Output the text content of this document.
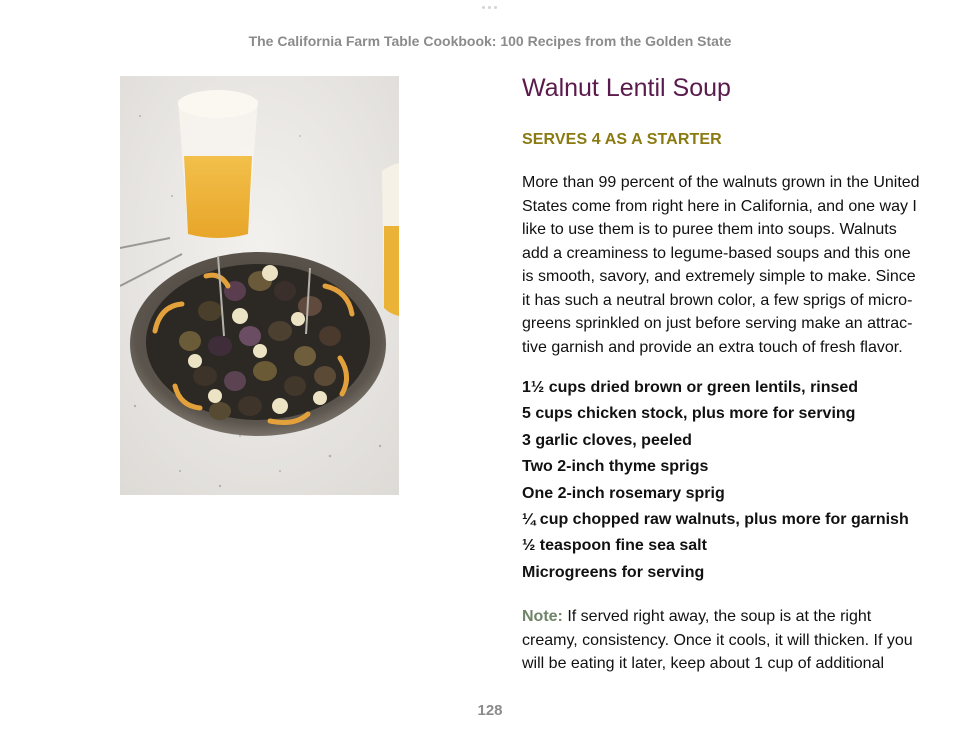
The California Farm Table Cookbook: 100 Recipes from the Golden State
Walnut Lentil Soup
SERVES 4 AS A STARTER
More than 99 percent of the walnuts grown in the United
States come from right here in California, and one way I
like to use them is to puree them into soups. Walnuts
add a creaminess to legume-based soups and this one
is smooth, savory, and extremely simple to make. Since
it has such a neutral brown color, a few sprigs of micro-
greens sprinkled on just before serving make an attrac-
tive garnish and provide an extra touch of fresh flavor.
1½ cups dried brown or green lentils, rinsed
5 cups chicken stock, plus more for serving
3 garlic cloves, peeled
Two 2-inch thyme sprigs
One 2-inch rosemary sprig
¼ cup chopped raw walnuts, plus more for garnish
½ teaspoon fine sea salt
Microgreens for serving
Note: If served right away, the soup is at the right
creamy, consistency. Once it cools, it will thicken. If you
will be eating it later, keep about 1 cup of additional
128
